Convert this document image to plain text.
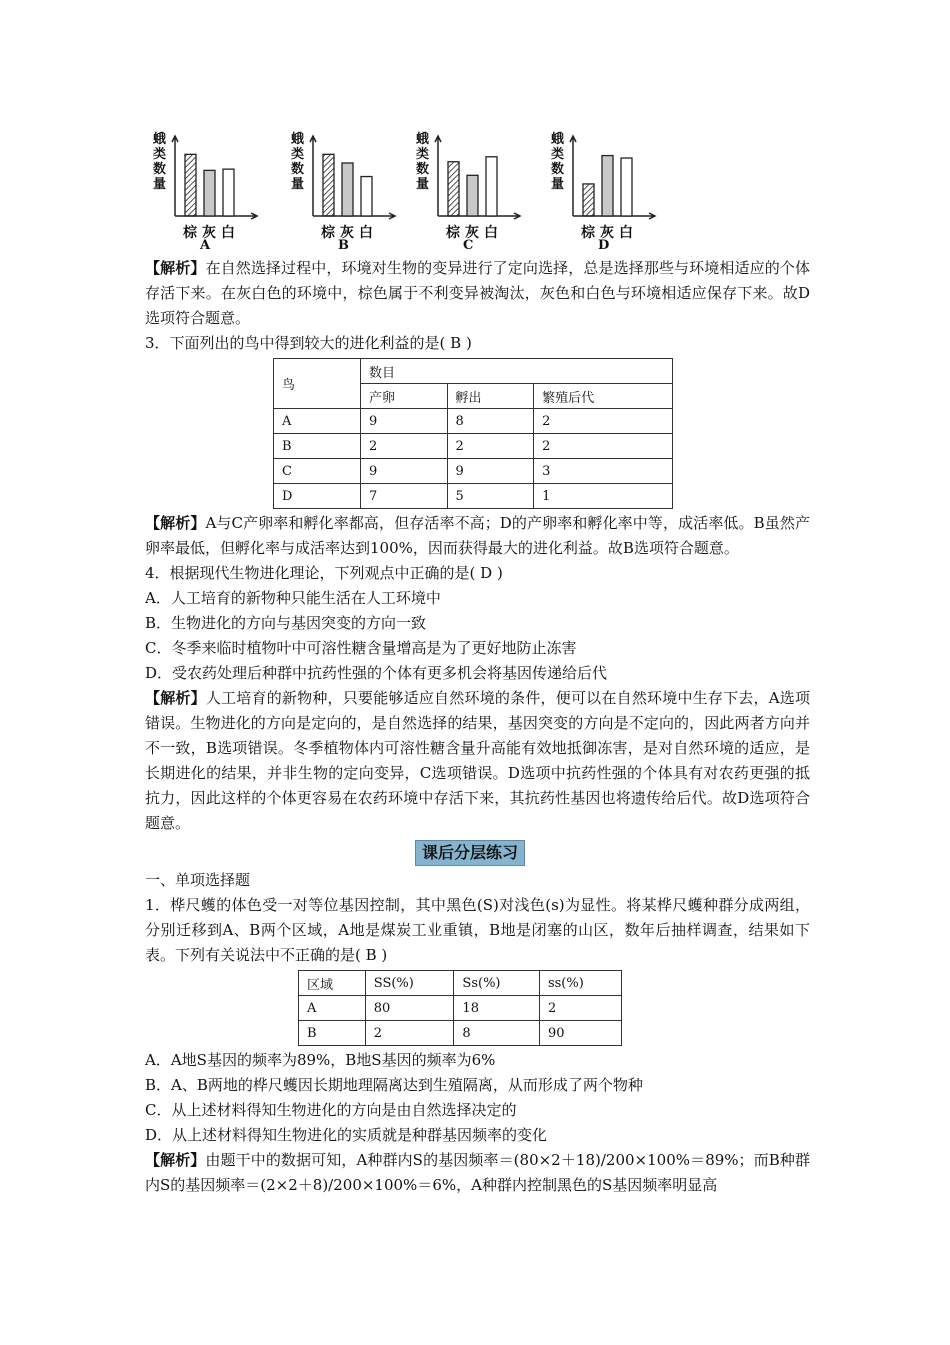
蛾
类
数
量
棕 灰 白
A
蛾
类
数
量
棕 灰 白
B
蛾
类
数
量
棕 灰 白
C
蛾
类
数
量
棕 灰 白
D

【解析】在自然选择过程中，环境对生物的变异进行了定向选择，总是选择那些与环境相适应的个体存活下来。在灰白色的环境中，棕色属于不利变异被淘汰，灰色和白色与环境相适应保存下来。故D选项符合题意。

3．下面列出的鸟中得到较大的进化利益的是( B )

鸟	数目		
	产卵	孵出	繁殖后代
A	9	8	2
B	2	2	2
C	9	9	3
D	7	5	1

【解析】A与C产卵率和孵化率都高，但存活率不高；D的产卵率和孵化率中等，成活率低。B虽然产卵率最低，但孵化率与成活率达到100%，因而获得最大的进化利益。故B选项符合题意。

4．根据现代生物进化理论，下列观点中正确的是( D )

A．人工培育的新物种只能生活在人工环境中

B．生物进化的方向与基因突变的方向一致

C．冬季来临时植物叶中可溶性糖含量增高是为了更好地防止冻害

D．受农药处理后种群中抗药性强的个体有更多机会将基因传递给后代

【解析】人工培育的新物种，只要能够适应自然环境的条件，便可以在自然环境中生存下去，A选项错误。生物进化的方向是定向的，是自然选择的结果，基因突变的方向是不定向的，因此两者方向并不一致，B选项错误。冬季植物体内可溶性糖含量升高能有效地抵御冻害，是对自然环境的适应，是长期进化的结果，并非生物的定向变异，C选项错误。D选项中抗药性强的个体具有对农药更强的抵抗力，因此这样的个体更容易在农药环境中存活下来，其抗药性基因也将遗传给后代。故D选项符合题意。

课后分层练习

一、单项选择题

1．桦尺蠖的体色受一对等位基因控制，其中黑色(S)对浅色(s)为显性。将某桦尺蠖种群分成两组，分别迁移到A、B两个区域，A地是煤炭工业重镇，B地是闭塞的山区，数年后抽样调查，结果如下表。下列有关说法中不正确的是( B )

区域	SS(%)	Ss(%)	ss(%)
A	80	18	2
B	2	8	90

A．A地S基因的频率为89%，B地S基因的频率为6%

B．A、B两地的桦尺蠖因长期地理隔离达到生殖隔离，从而形成了两个物种

C．从上述材料得知生物进化的方向是由自然选择决定的

D．从上述材料得知生物进化的实质就是种群基因频率的变化

【解析】由题干中的数据可知，A种群内S的基因频率＝(80×2＋18)/200×100%＝89%；而B种群内S的基因频率＝(2×2＋8)/200×100%＝6%，A种群内控制黑色的S基因频率明显高
